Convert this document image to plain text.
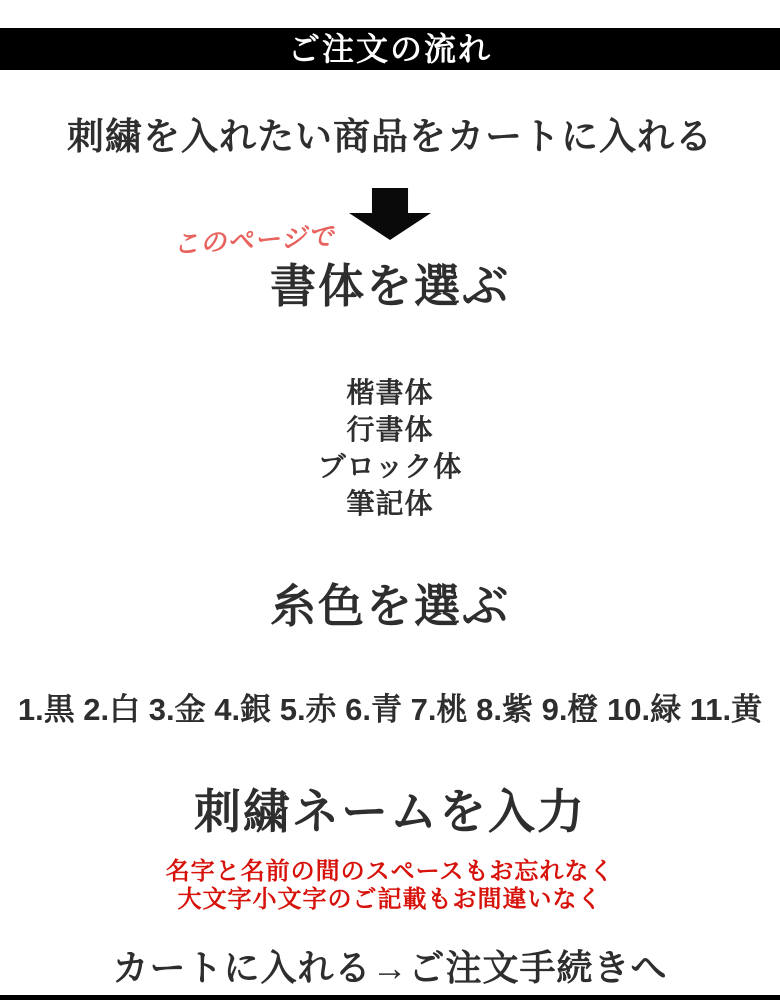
ご注文の流れ
刺繍を入れたい商品をカートに入れる
このページで
書体を選ぶ
楷書体
行書体
ブロック体
筆記体
糸色を選ぶ
1.黒 2.白 3.金 4.銀 5.赤 6.青 7.桃 8.紫 9.橙 10.緑 11.黄
刺繍ネームを入力
名字と名前の間のスペースもお忘れなく
大文字小文字のご記載もお間違いなく
カートに入れる→ご注文手続きへ
